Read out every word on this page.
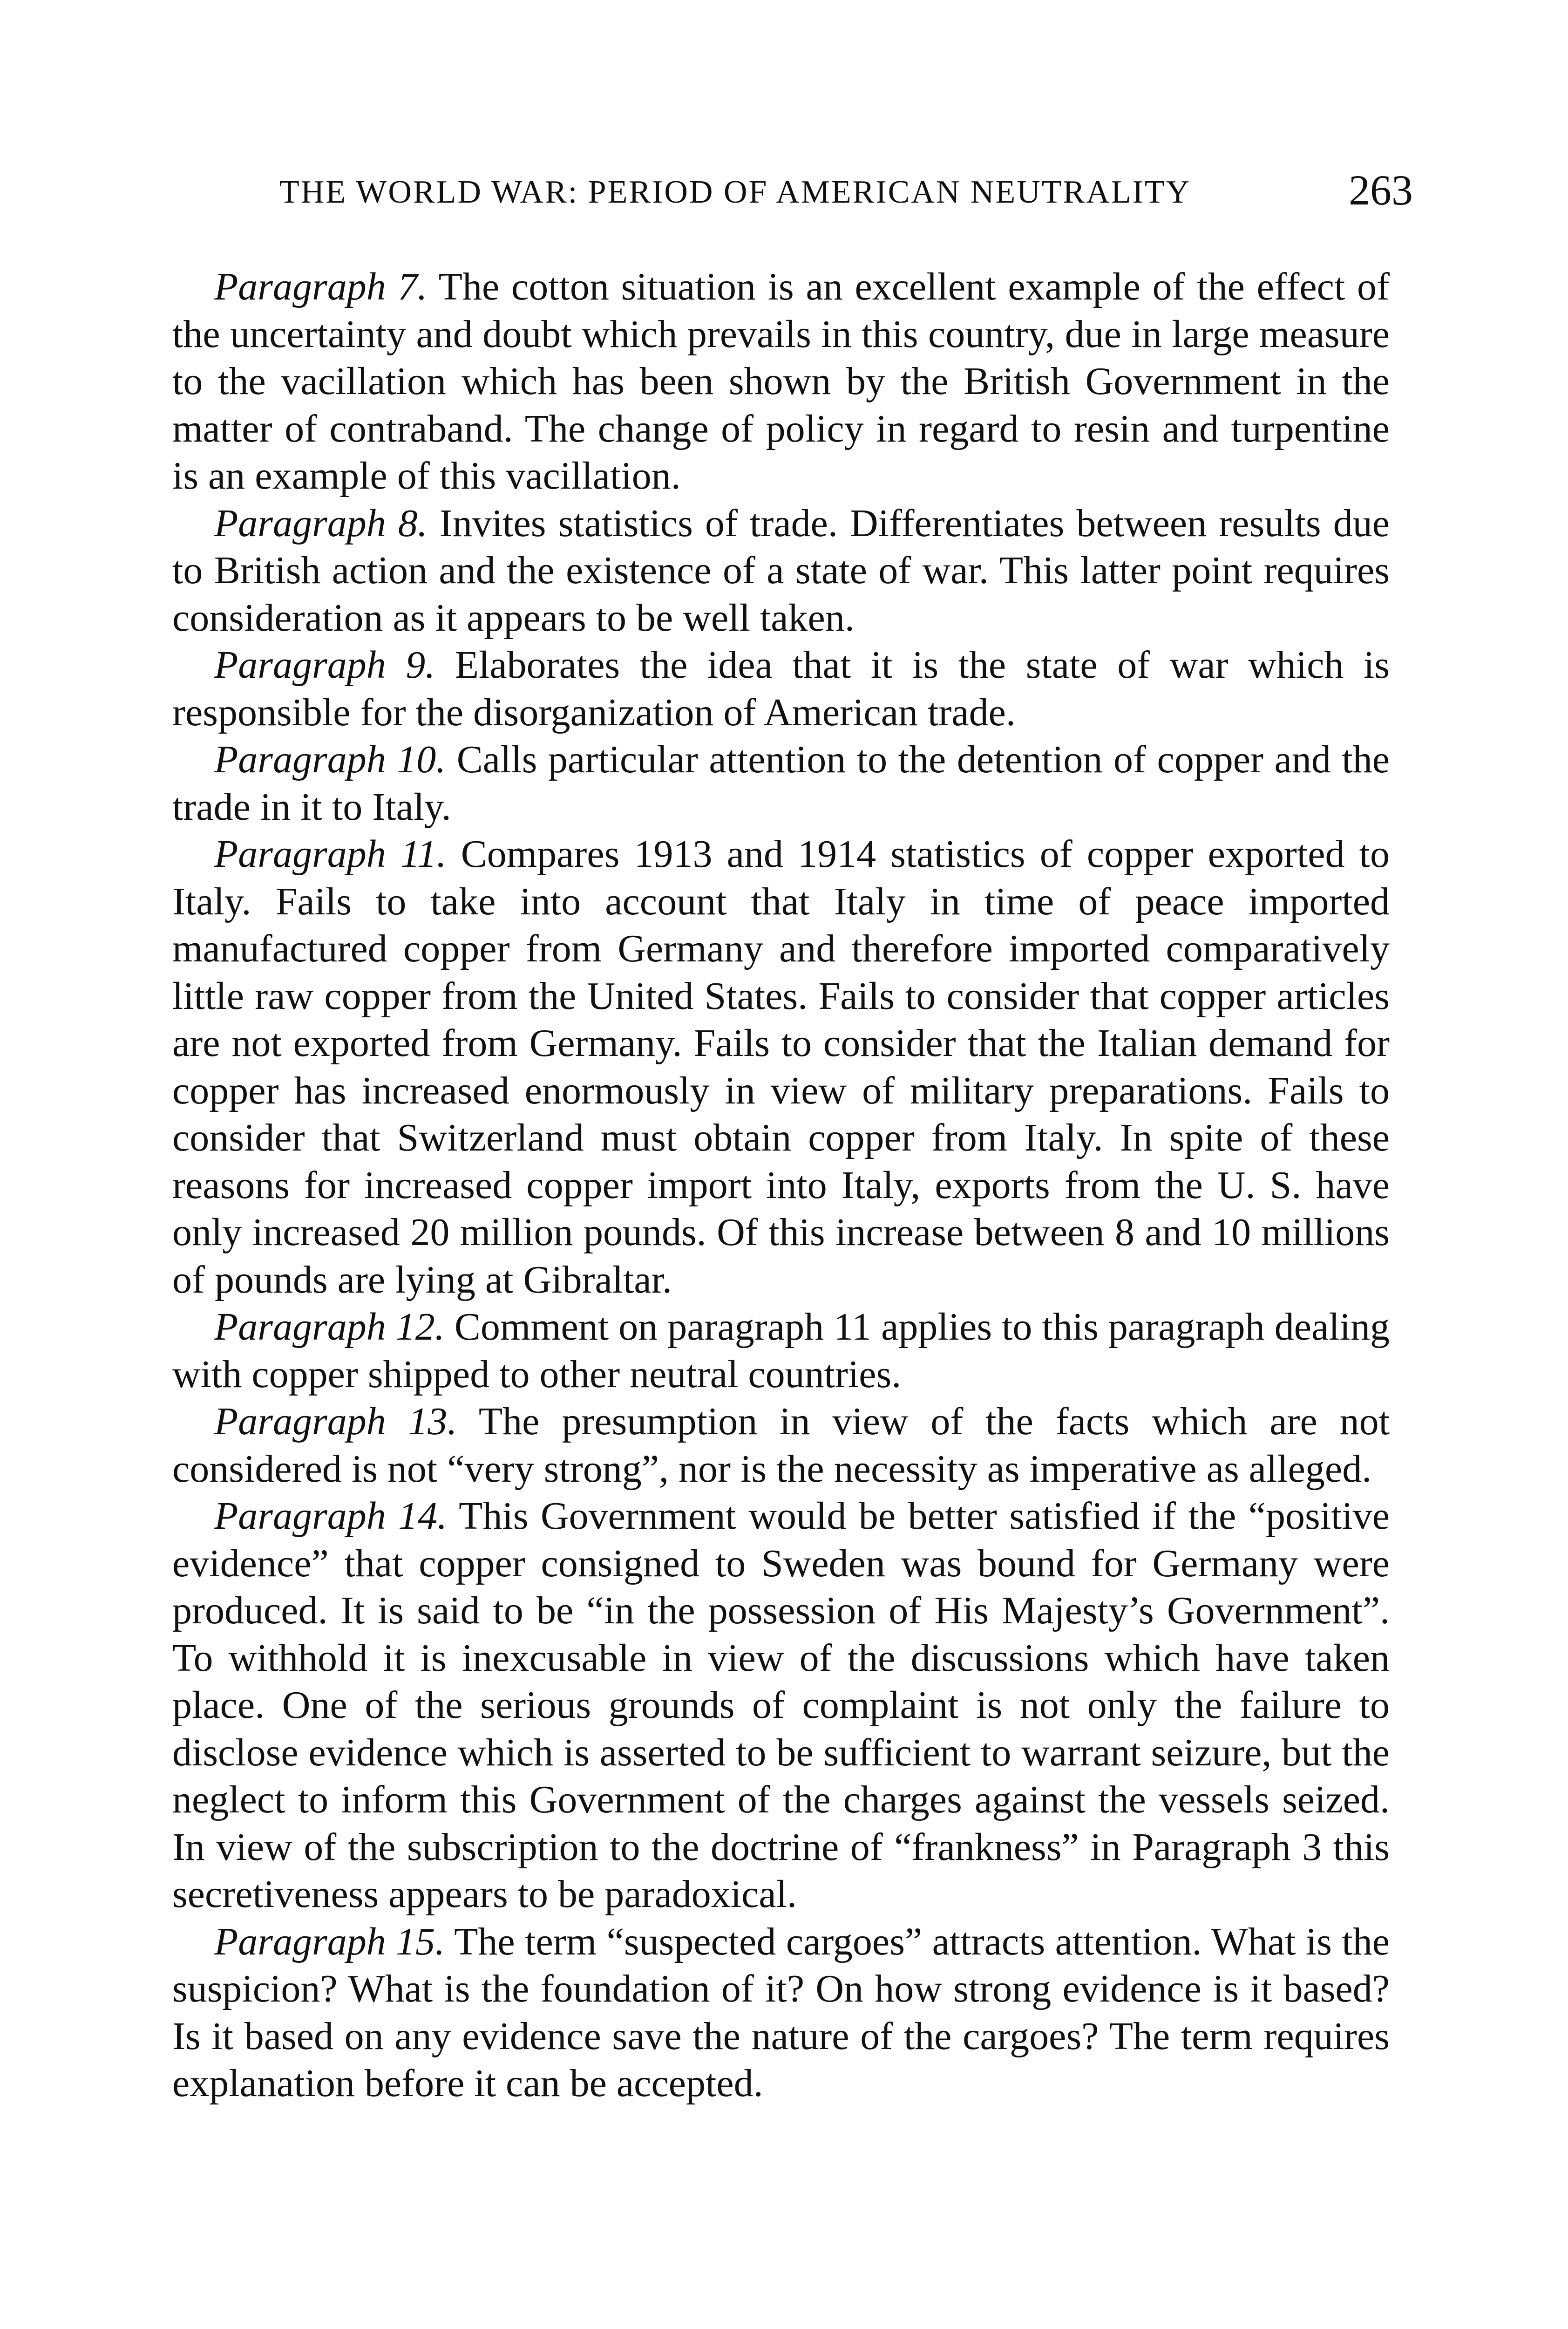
THE WORLD WAR: PERIOD OF AMERICAN NEUTRALITY	263

Paragraph 7. The cotton situation is an excellent example of the effect of the uncertainty and doubt which prevails in this country, due in large measure to the vacillation which has been shown by the British Government in the matter of contraband. The change of policy in regard to resin and turpentine is an example of this vacillation.

Paragraph 8. Invites statistics of trade. Differentiates between results due to British action and the existence of a state of war. This latter point requires consideration as it appears to be well taken.

Paragraph 9. Elaborates the idea that it is the state of war which is responsible for the disorganization of American trade.

Paragraph 10. Calls particular attention to the detention of copper and the trade in it to Italy.

Paragraph 11. Compares 1913 and 1914 statistics of copper exported to Italy. Fails to take into account that Italy in time of peace imported manufactured copper from Germany and therefore imported comparatively little raw copper from the United States. Fails to consider that copper articles are not exported from Germany. Fails to consider that the Italian demand for copper has increased enormously in view of military preparations. Fails to consider that Switzerland must obtain copper from Italy. In spite of these reasons for increased copper import into Italy, exports from the U. S. have only increased 20 million pounds. Of this increase between 8 and 10 millions of pounds are lying at Gibraltar.

Paragraph 12. Comment on paragraph 11 applies to this paragraph dealing with copper shipped to other neutral countries.

Paragraph 13. The presumption in view of the facts which are not considered is not “very strong”, nor is the necessity as imperative as alleged.

Paragraph 14. This Government would be better satisfied if the “positive evidence” that copper consigned to Sweden was bound for Germany were produced. It is said to be “in the possession of His Majesty’s Government”. To withhold it is inexcusable in view of the discussions which have taken place. One of the serious grounds of complaint is not only the failure to disclose evidence which is asserted to be sufficient to warrant seizure, but the neglect to inform this Government of the charges against the vessels seized. In view of the subscription to the doctrine of “frankness” in Paragraph 3 this secretiveness appears to be paradoxical.

Paragraph 15. The term “suspected cargoes” attracts attention. What is the suspicion? What is the foundation of it? On how strong evidence is it based? Is it based on any evidence save the nature of the cargoes? The term requires explanation before it can be accepted.
